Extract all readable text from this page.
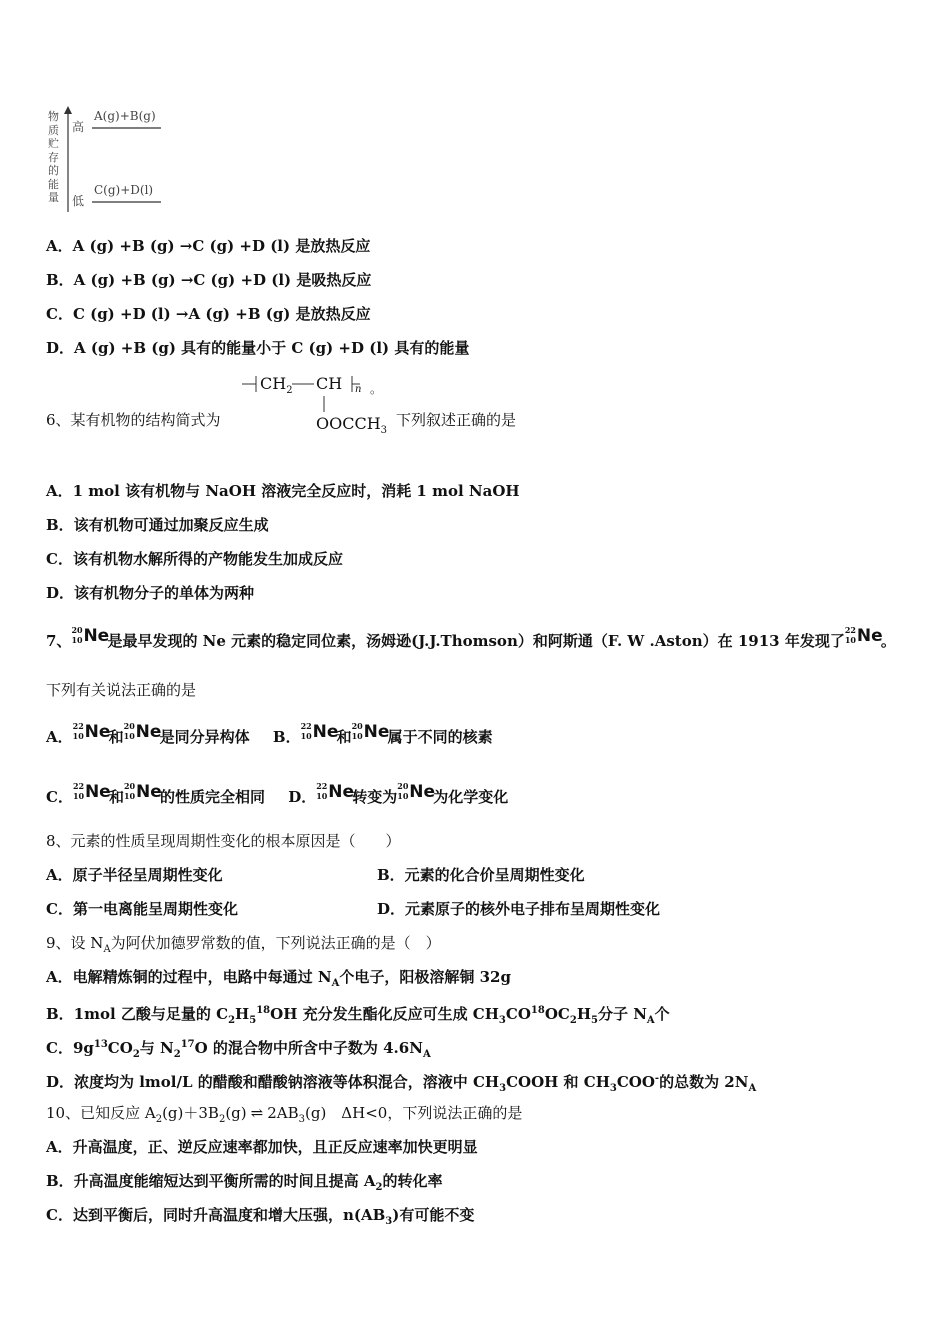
物质贮存的能量
高
低
A(g)+B(g)
C(g)+D(l)
A．A (g) +B (g) →C (g) +D (l) 是放热反应
B．A (g) +B (g) →C (g) +D (l) 是吸热反应
C．C (g) +D (l) →A (g) +B (g) 是放热反应
D．A (g) +B (g) 具有的能量小于 C (g) +D (l) 具有的能量
6、某有机物的结构简式为
$CH_2$ CH n 。
$OOCCH_3$
下列叙述正确的是
A．1 mol 该有机物与 NaOH 溶液完全反应时，消耗 1 mol NaOH
B．该有机物可通过加聚反应生成
C．该有机物水解所得的产物能发生加成反应
D．该有机物分子的单体为两种
7、
20
10 Ne
是最早发现的 Ne 元素的稳定同位素，汤姆逊(J.J.Thomson）和阿斯通（F. W .Aston）在 1913 年发现了
22
10 Ne
。
下列有关说法正确的是
A．
22
10 Ne
和
20
10 Ne
是同分异构体 B．
22
10 Ne
和
20
10 Ne
属于不同的核素
C．
22
10 Ne
和
20
10 Ne
的性质完全相同 D．
22
10 Ne
转变为
20
10 Ne
为化学变化
8、元素的性质呈现周期性变化的根本原因是（　　）
A．原子半径呈周期性变化	B．元素的化合价呈周期性变化
C．第一电离能呈周期性变化	D．元素原子的核外电子排布呈周期性变化
9、设 $N_A$为阿伏加德罗常数的值，下列说法正确的是（　）
A．电解精炼铜的过程中，电路中每通过 $N_A$个电子，阳极溶解铜 32g
B．1mol 乙酸与足量的 $C_2H_5^{18}OH$ 充分发生酯化反应可生成 $CH_3CO^{18}OC_2H_5$分子 $N_A$个
C．$9g^{13}CO_2$与 $N_2^{17}O$ 的混合物中所含中子数为 $4.6N_A$
D．浓度均为 lmol/L 的醋酸和醋酸钠溶液等体积混合，溶液中 $CH_3COOH$ 和 $CH_3COO^-$的总数为 $2N_A$
10、已知反应 $A_2(g)+3B_2(g)$ ⇌ $2AB_3(g)$　ΔH<0，下列说法正确的是
A．升高温度，正、逆反应速率都加快，且正反应速率加快更明显
B．升高温度能缩短达到平衡所需的时间且提高 $A_2$的转化率
C．达到平衡后，同时升高温度和增大压强，$n(AB_3)$有可能不变
